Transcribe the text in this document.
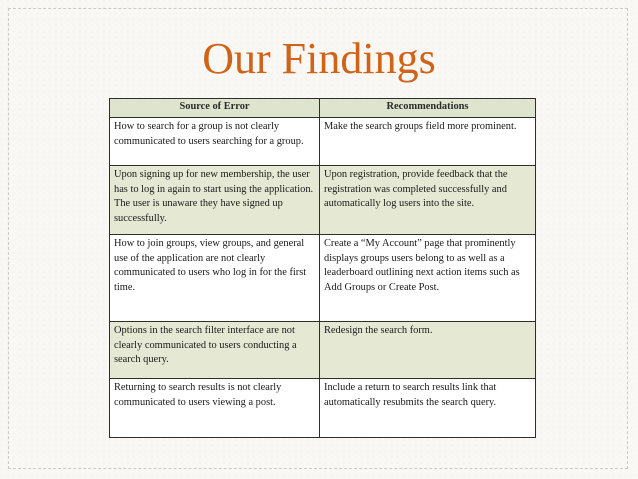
Our Findings
Source of Error	Recommendations
How to search for a group is not clearly communicated to users searching for a group.	Make the search groups field more prominent.
Upon signing up for new membership, the user has to log in again to start using the application. The user is unaware they have signed up successfully.	Upon registration, provide feedback that the registration was completed successfully and automatically log users into the site.
How to join groups, view groups, and general use of the application are not clearly communicated to users who log in for the first time.	Create a “My Account” page that prominently displays groups users belong to as well as a leaderboard outlining next action items such as Add Groups or Create Post.
Options in the search filter interface are not clearly communicated to users conducting a search query.	Redesign the search form.
Returning to search results is not clearly communicated to users viewing a post.	Include a return to search results link that automatically resubmits the search query.
